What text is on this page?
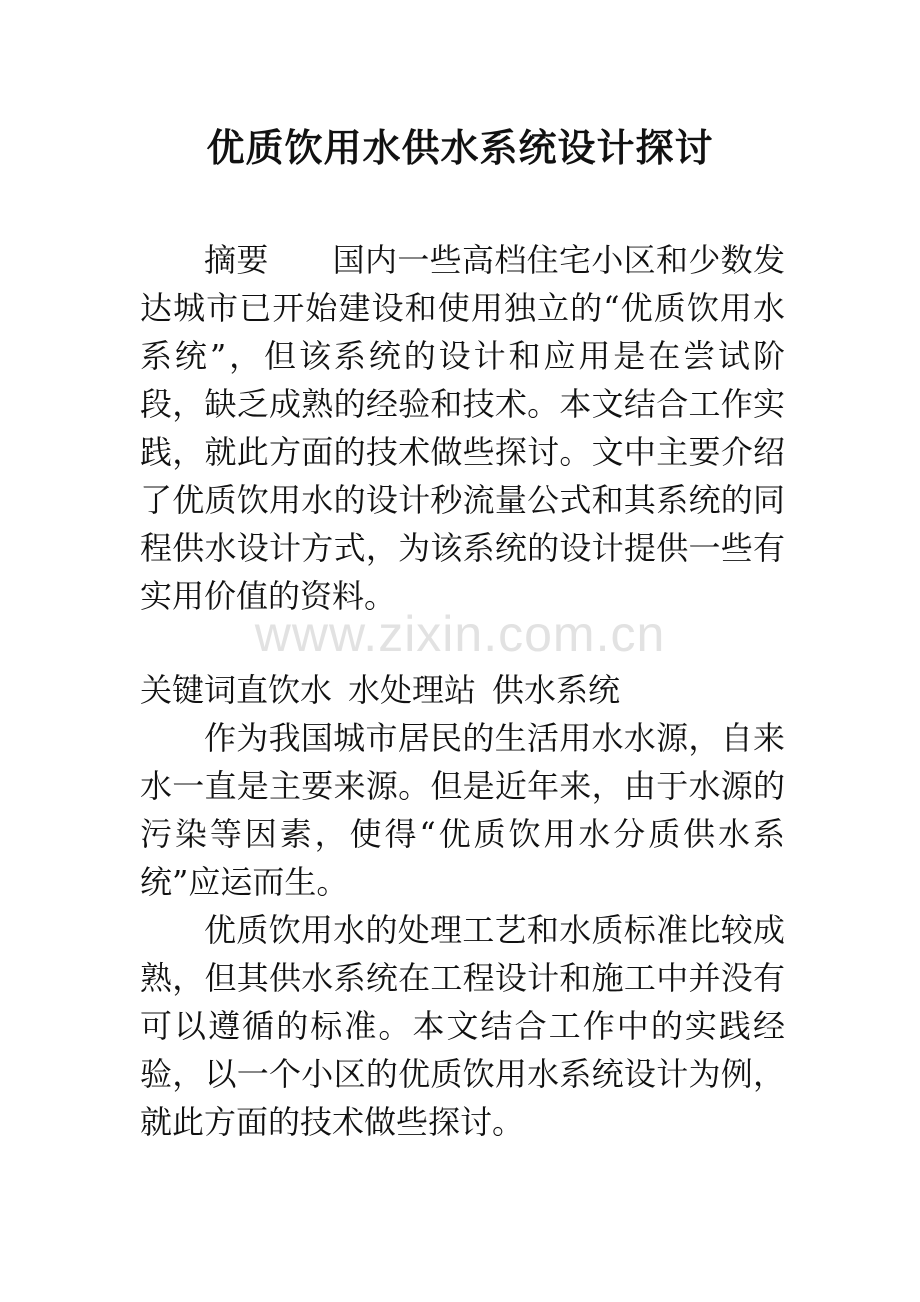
优质饮用水供水系统设计探讨

摘要 国内一些高档住宅小区和少数发达城市已开始建设和使用独立的“优质饮用水系统”，但该系统的设计和应用是在尝试阶段，缺乏成熟的经验和技术。本文结合工作实践，就此方面的技术做些探讨。文中主要介绍了优质饮用水的设计秒流量公式和其系统的同程供水设计方式，为该系统的设计提供一些有实用价值的资料。

www.zixin.com.cn

关键词直饮水 水处理站 供水系统

作为我国城市居民的生活用水水源，自来水一直是主要来源。但是近年来，由于水源的污染等因素，使得“优质饮用水分质供水系统”应运而生。

优质饮用水的处理工艺和水质标准比较成熟，但其供水系统在工程设计和施工中并没有可以遵循的标准。本文结合工作中的实践经验，以一个小区的优质饮用水系统设计为例，就此方面的技术做些探讨。
